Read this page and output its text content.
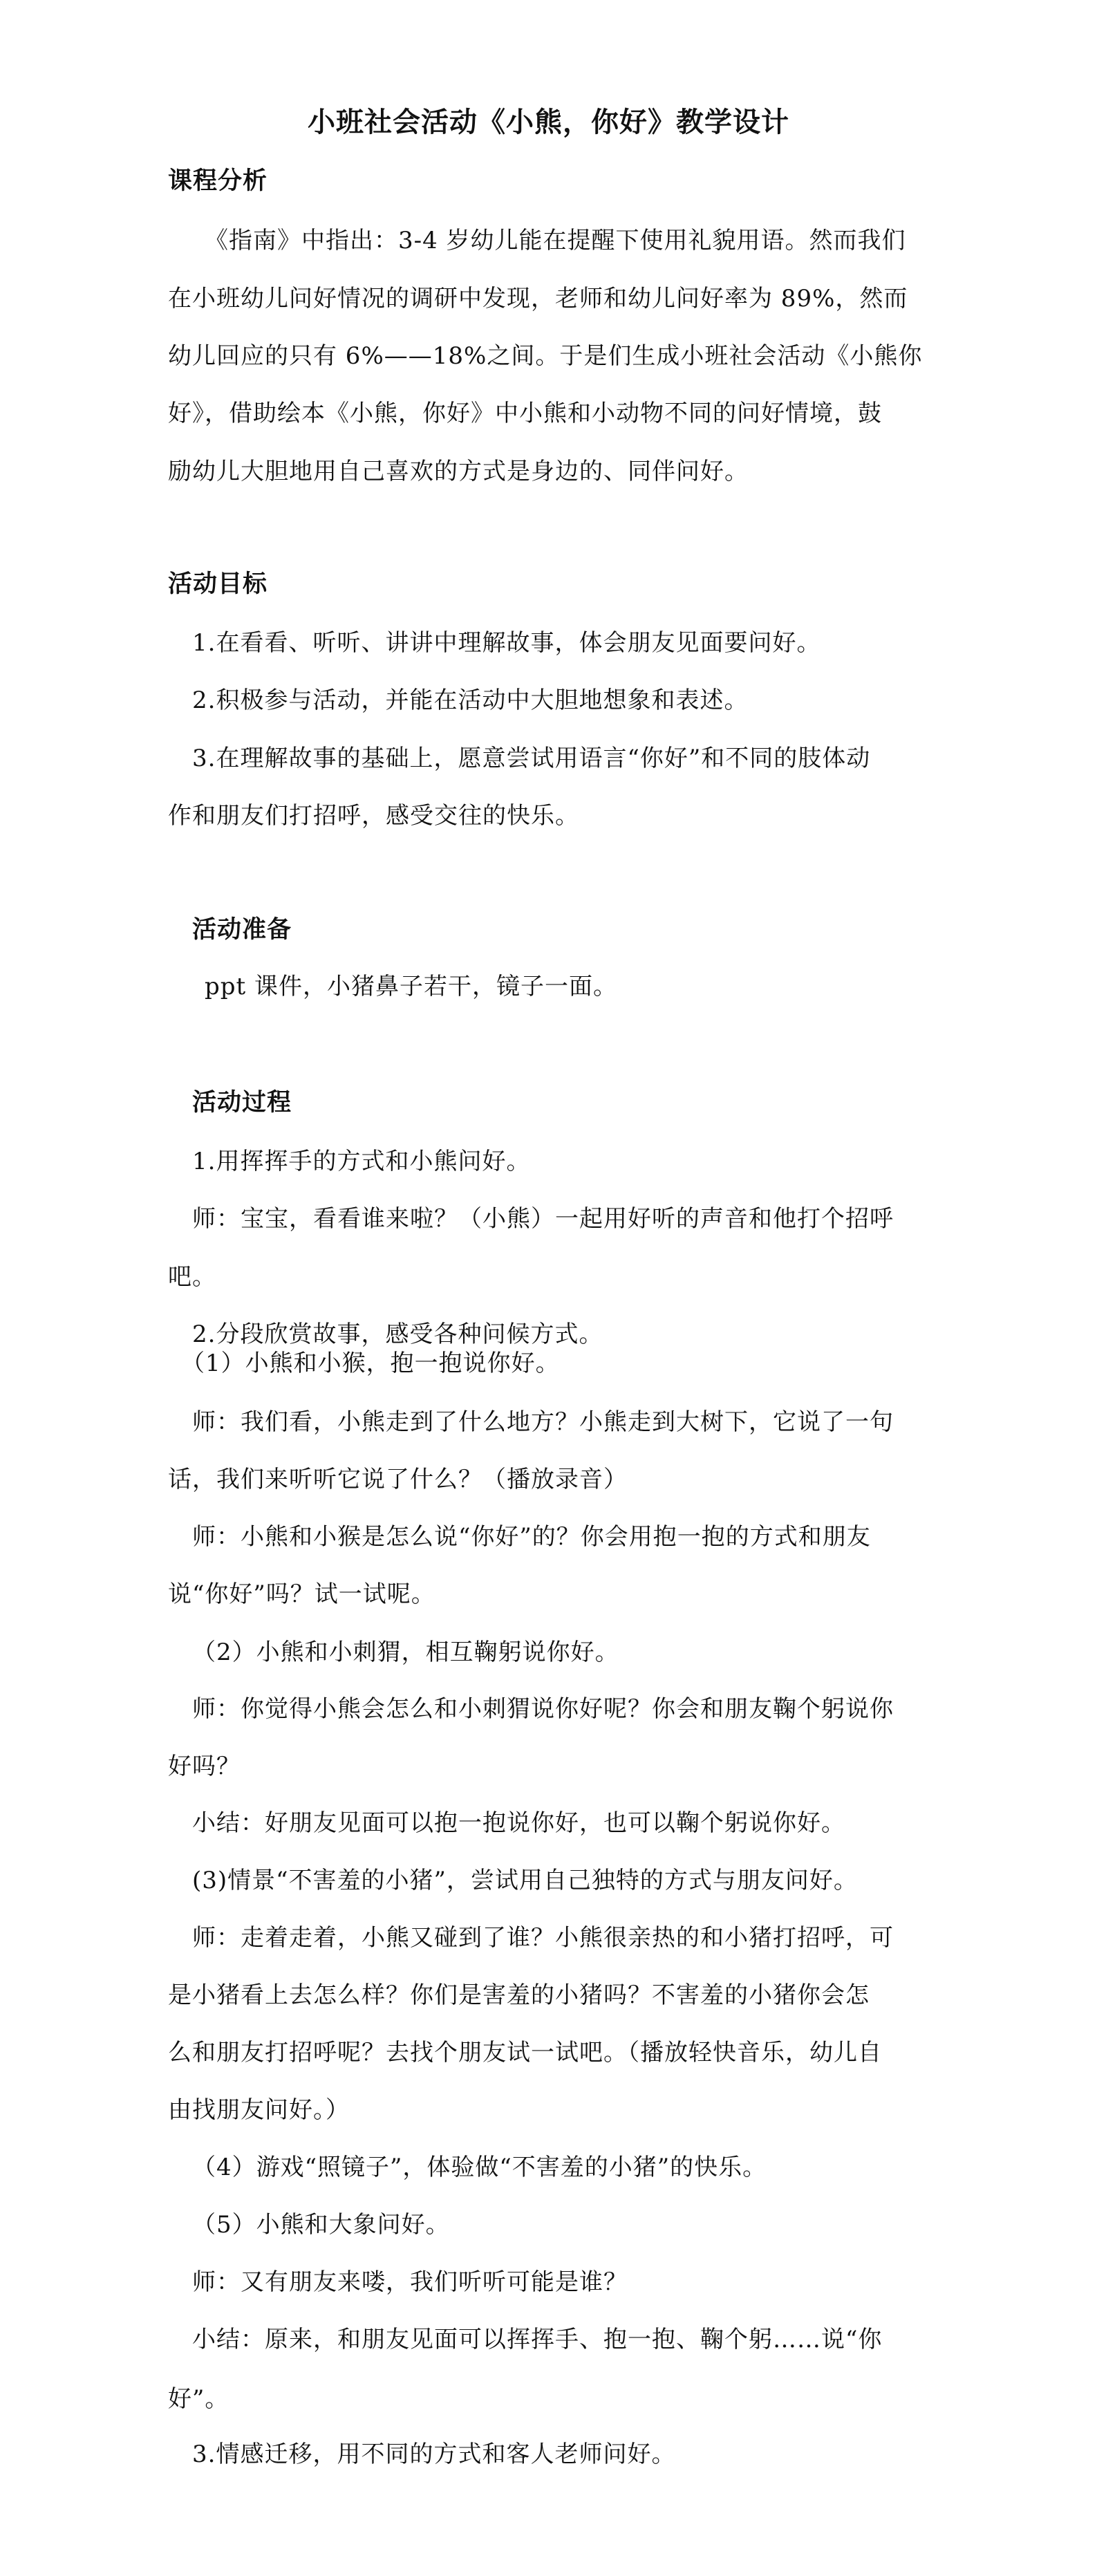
小班社会活动《小熊，你好》教学设计
课程分析
《指南》中指出：3-4 岁幼儿能在提醒下使用礼貌用语。然而我们
在小班幼儿问好情况的调研中发现，老师和幼儿问好率为 89%，然而
幼儿回应的只有 6%——18%之间。于是们生成小班社会活动《小熊你
好》，借助绘本《小熊，你好》中小熊和小动物不同的问好情境，鼓
励幼儿大胆地用自己喜欢的方式是身边的、同伴问好。
活动目标
1.在看看、听听、讲讲中理解故事，体会朋友见面要问好。
2.积极参与活动，并能在活动中大胆地想象和表述。
3.在理解故事的基础上，愿意尝试用语言“你好”和不同的肢体动
作和朋友们打招呼，感受交往的快乐。
活动准备
ppt 课件，小猪鼻子若干，镜子一面。
活动过程
1.用挥挥手的方式和小熊问好。
师：宝宝，看看谁来啦？（小熊）一起用好听的声音和他打个招呼
吧。
2.分段欣赏故事，感受各种问候方式。
（1）小熊和小猴，抱一抱说你好。
师：我们看，小熊走到了什么地方？小熊走到大树下，它说了一句
话，我们来听听它说了什么？（播放录音）
师：小熊和小猴是怎么说“你好”的？你会用抱一抱的方式和朋友
说“你好”吗？试一试呢。
（2）小熊和小刺猬，相互鞠躬说你好。
师：你觉得小熊会怎么和小刺猬说你好呢？你会和朋友鞠个躬说你
好吗？
小结：好朋友见面可以抱一抱说你好，也可以鞠个躬说你好。
(3)情景“不害羞的小猪”，尝试用自己独特的方式与朋友问好。
师：走着走着，小熊又碰到了谁？小熊很亲热的和小猪打招呼，可
是小猪看上去怎么样？你们是害羞的小猪吗？不害羞的小猪你会怎
么和朋友打招呼呢？去找个朋友试一试吧。（播放轻快音乐，幼儿自
由找朋友问好。）
（4）游戏“照镜子”，体验做“不害羞的小猪”的快乐。
（5）小熊和大象问好。
师：又有朋友来喽，我们听听可能是谁？
小结：原来，和朋友见面可以挥挥手、抱一抱、鞠个躬……说“你
好”。
3.情感迁移，用不同的方式和客人老师问好。
